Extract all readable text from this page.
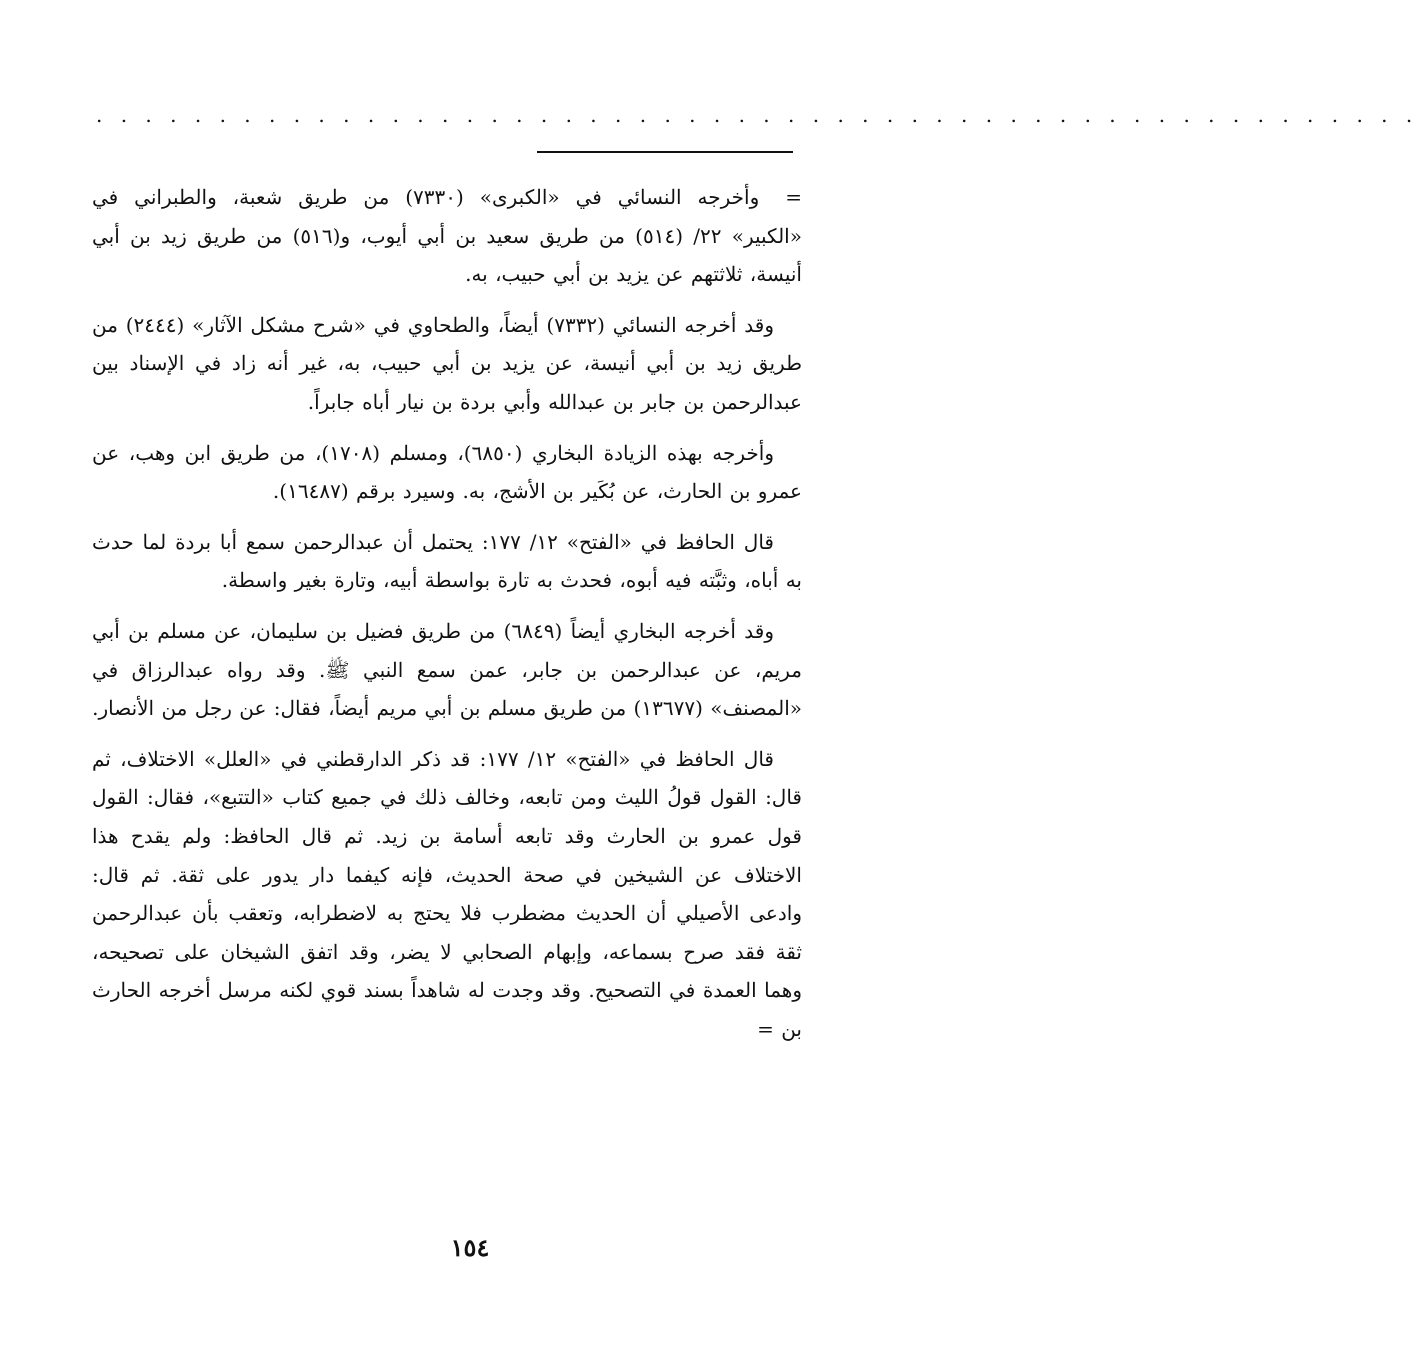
. . . . . . . . . . . . . . . . . . . . . . . . . . . . . . . . . . . . . . . . . . . . . . . . . . . . . .

=وأخرجه النسائي في «الكبرى» (٧٣٣٠) من طريق شعبة، والطبراني في «الكبير» ٢٢/ (٥١٤) من طريق سعيد بن أبي أيوب، و(٥١٦) من طريق زيد بن أبي أنيسة، ثلاثتهم عن يزيد بن أبي حبيب، به.

وقد أخرجه النسائي (٧٣٣٢) أيضاً، والطحاوي في «شرح مشكل الآثار» (٢٤٤٤) من طريق زيد بن أبي أنيسة، عن يزيد بن أبي حبيب، به، غير أنه زاد في الإسناد بين عبدالرحمن بن جابر بن عبدالله وأبي بردة بن نيار أباه جابراً.

وأخرجه بهذه الزيادة البخاري (٦٨٥٠)، ومسلم (١٧٠٨)، من طريق ابن وهب، عن عمرو بن الحارث، عن بُكَير بن الأشج، به. وسيرد برقم (١٦٤٨٧).

قال الحافظ في «الفتح» ١٢/ ١٧٧: يحتمل أن عبدالرحمن سمع أبا بردة لما حدث به أباه، وثبَّته فيه أبوه، فحدث به تارة بواسطة أبيه، وتارة بغير واسطة.

وقد أخرجه البخاري أيضاً (٦٨٤٩) من طريق فضيل بن سليمان، عن مسلم بن أبي مريم، عن عبدالرحمن بن جابر، عمن سمع النبي ﷺ. وقد رواه عبدالرزاق في «المصنف» (١٣٦٧٧) من طريق مسلم بن أبي مريم أيضاً، فقال: عن رجل من الأنصار.

قال الحافظ في «الفتح» ١٢/ ١٧٧: قد ذكر الدارقطني في «العلل» الاختلاف، ثم قال: القول قولُ الليث ومن تابعه، وخالف ذلك في جميع كتاب «التتبع»، فقال: القول قول عمرو بن الحارث وقد تابعه أسامة بن زيد. ثم قال الحافظ: ولم يقدح هذا الاختلاف عن الشيخين في صحة الحديث، فإنه كيفما دار يدور على ثقة. ثم قال: وادعى الأصيلي أن الحديث مضطرب فلا يحتج به لاضطرابه، وتعقب بأن عبدالرحمن ثقة فقد صرح بسماعه، وإبهام الصحابي لا يضر، وقد اتفق الشيخان على تصحيحه، وهما العمدة في التصحيح. وقد وجدت له شاهداً بسند قوي لكنه مرسل أخرجه الحارث بن =

١٥٤
